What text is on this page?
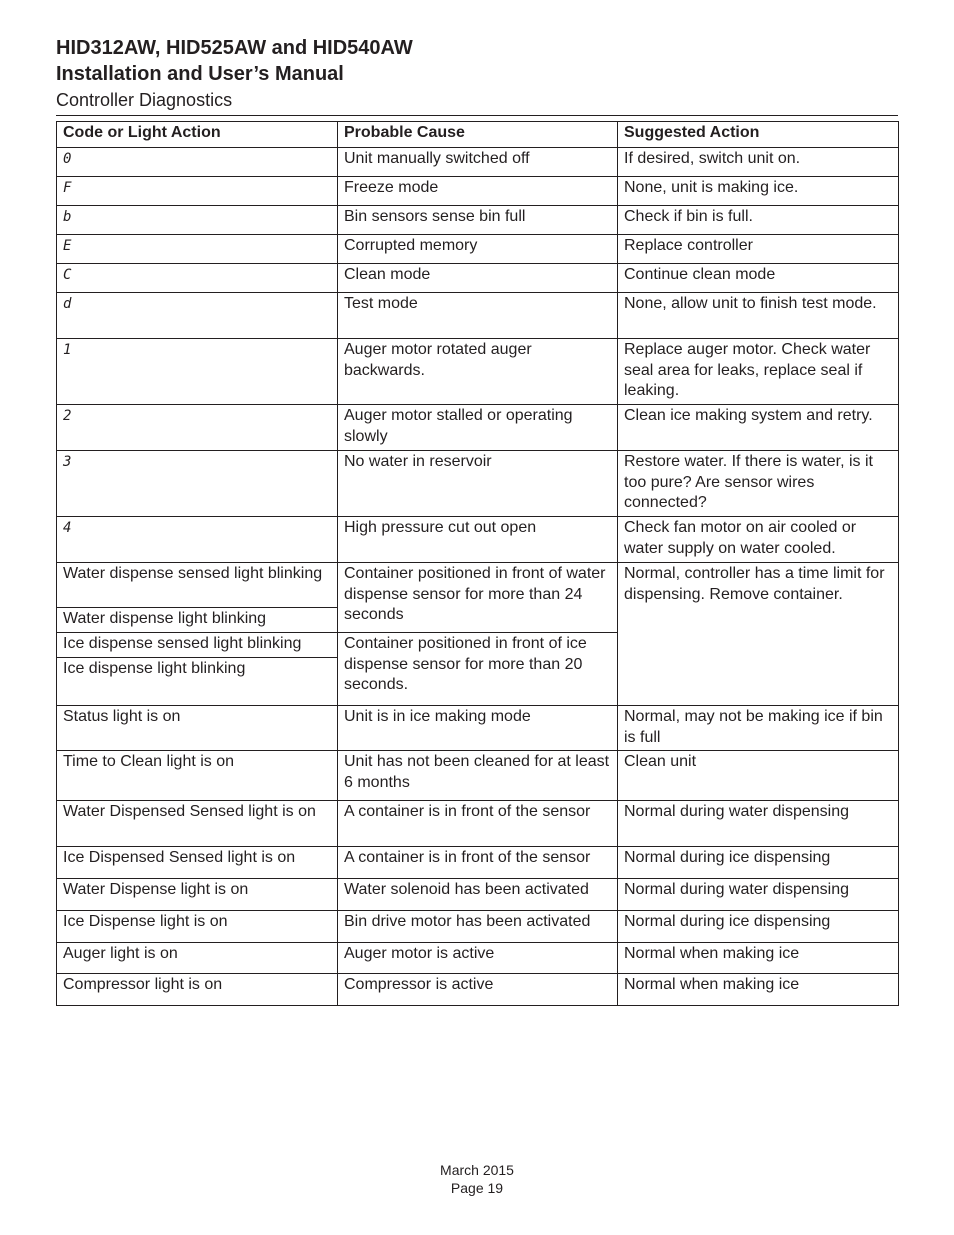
HID312AW, HID525AW and HID540AW

Installation and User’s Manual

Controller Diagnostics

Code or Light Action	Probable Cause	Suggested Action
0	Unit manually switched off	If desired, switch unit on.
F	Freeze mode	None, unit is making ice.
b	Bin sensors sense bin full	Check if bin is full.
E	Corrupted memory	Replace controller
C	Clean mode	Continue clean mode
d	Test mode	None, allow unit to finish test mode.
1	Auger motor rotated auger backwards.	Replace auger motor. Check water seal area for leaks, replace seal if leaking.
2	Auger motor stalled or operating slowly	Clean ice making system and retry.
3	No water in reservoir	Restore water. If there is water, is it too pure? Are sensor wires connected?
4	High pressure cut out open	Check fan motor on air cooled or water supply on water cooled.
Water dispense sensed light blinking	Container positioned in front of water dispense sensor for more than 24 seconds	Normal, controller has a time limit for dispensing. Remove container.
Water dispense light blinking		
Ice dispense sensed light blinking	Container positioned in front of ice dispense sensor for more than 20 seconds.	
Ice dispense light blinking		
Status light is on	Unit is in ice making mode	Normal, may not be making ice if bin is full
Time to Clean light is on	Unit has not been cleaned for at least 6 months	Clean unit
Water Dispensed Sensed light is on	A container is in front of the sensor	Normal during water dispensing
Ice Dispensed Sensed light is on	A container is in front of the sensor	Normal during ice dispensing
Water Dispense light is on	Water solenoid has been activated	Normal during water dispensing
Ice Dispense light is on	Bin drive motor has been activated	Normal during ice dispensing
Auger light is on	Auger motor is active	Normal when making ice
Compressor light is on	Compressor is active	Normal when making ice
March 2015
Page 19
